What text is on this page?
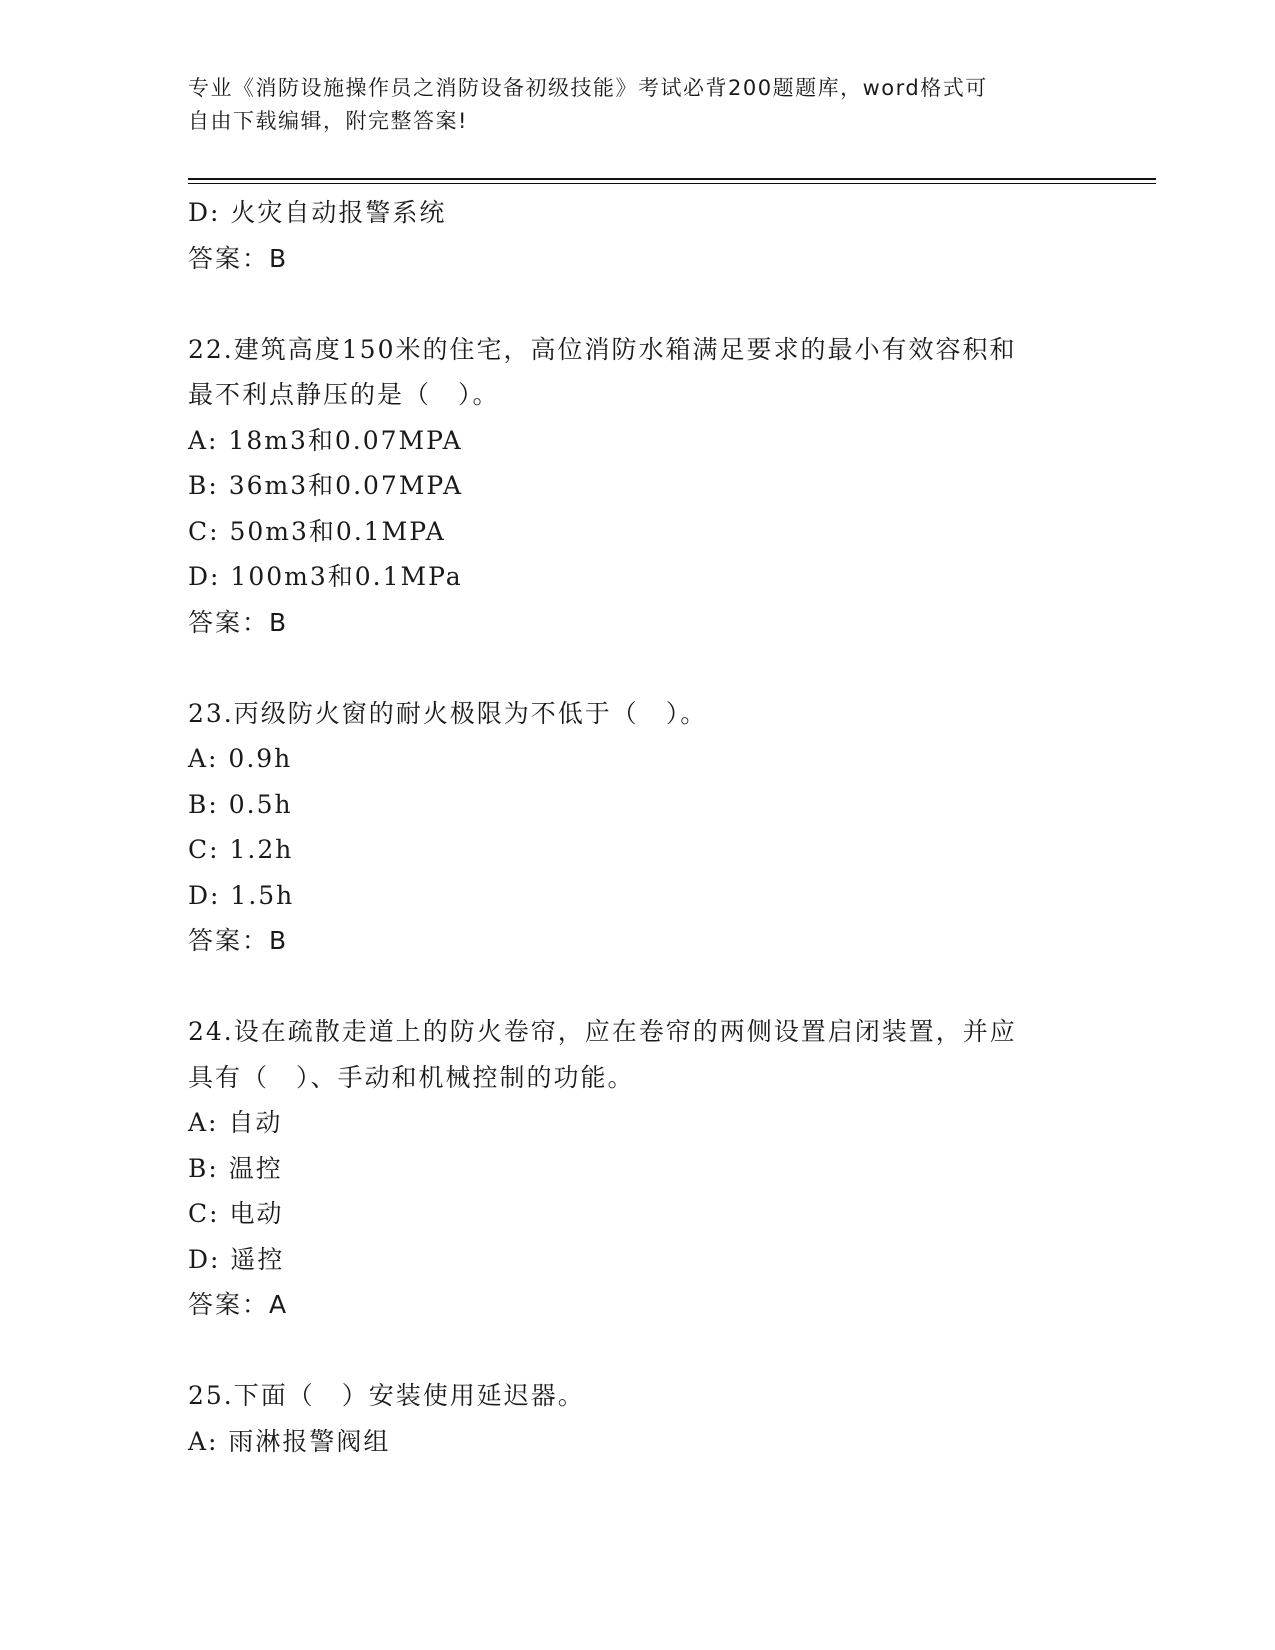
专业《消防设施操作员之消防设备初级技能》考试必背200题题库，word格式可
自由下载编辑，附完整答案!
D: 火灾自动报警系统
答案：B
22.建筑高度150米的住宅，高位消防水箱满足要求的最小有效容积和
最不利点静压的是（　）。
A: 18m3和0.07MPA
B: 36m3和0.07MPA
C: 50m3和0.1MPA
D: 100m3和0.1MPa
答案：B
23.丙级防火窗的耐火极限为不低于（　）。
A: 0.9h
B: 0.5h
C: 1.2h
D: 1.5h
答案：B
24.设在疏散走道上的防火卷帘，应在卷帘的两侧设置启闭装置，并应
具有（　）、手动和机械控制的功能。
A: 自动
B: 温控
C: 电动
D: 遥控
答案：A
25.下面（　）安装使用延迟器。
A: 雨淋报警阀组
